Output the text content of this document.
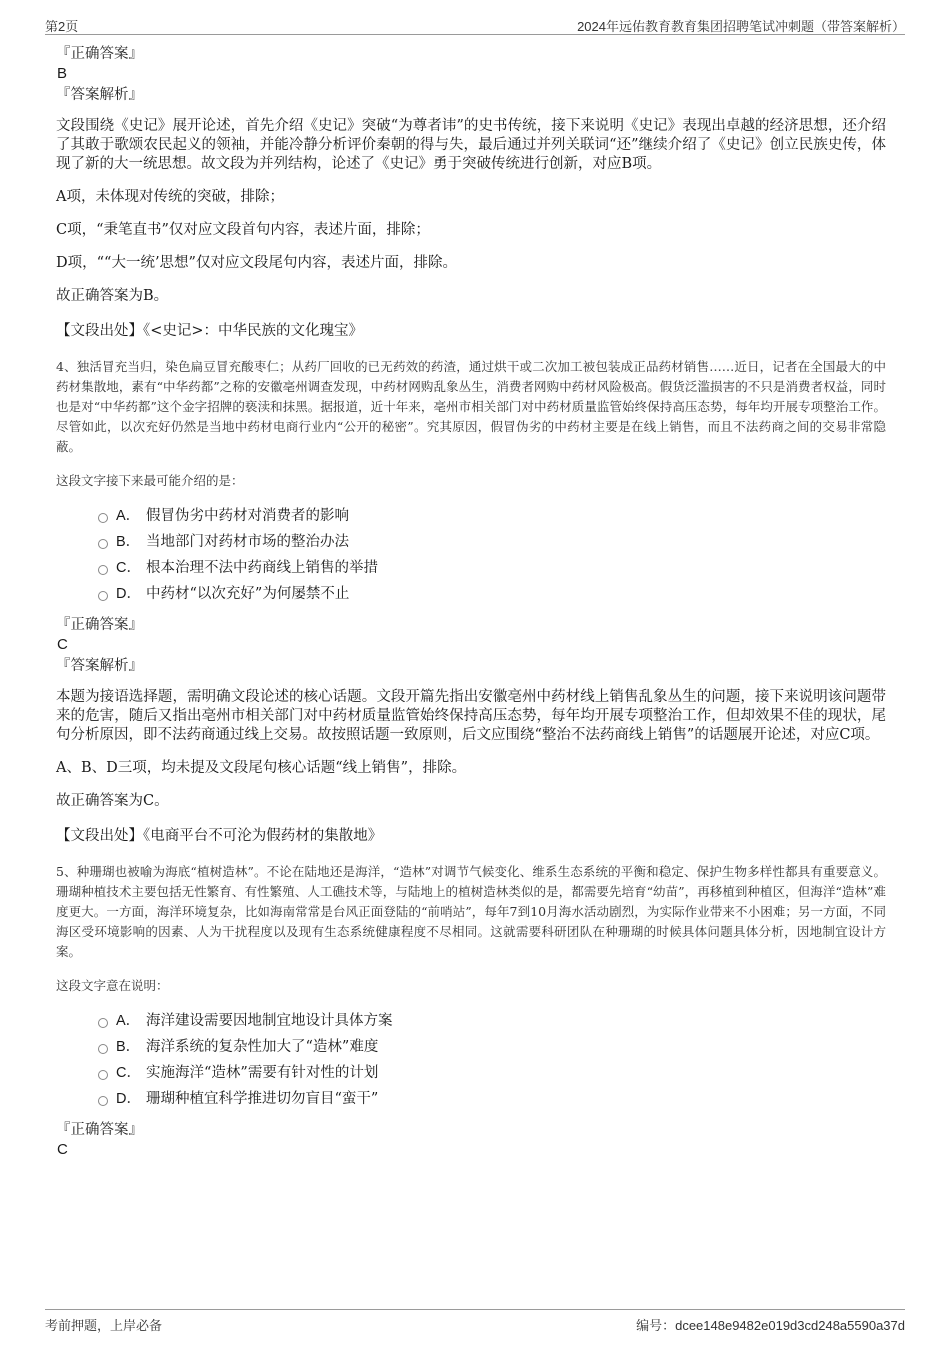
第2页	2024年远佑教育教育集团招聘笔试冲刺题（带答案解析）

『正确答案』

B

『答案解析』

文段围绕《史记》展开论述，首先介绍《史记》突破“为尊者讳”的史书传统，接下来说明《史记》表现出卓越的经济思想，还介绍了其敢于歌颂农民起义的领袖，并能冷静分析评价秦朝的得与失，最后通过并列关联词“还”继续介绍了《史记》创立民族史传，体现了新的大一统思想。故文段为并列结构，论述了《史记》勇于突破传统进行创新，对应B项。

A项，未体现对传统的突破，排除；

C项，“秉笔直书”仅对应文段首句内容，表述片面，排除；

D项，““大一统’思想”仅对应文段尾句内容，表述片面，排除。

故正确答案为B。

【文段出处】《<史记>：中华民族的文化瑰宝》

4、独活冒充当归，染色扁豆冒充酸枣仁；从药厂回收的已无药效的药渣，通过烘干或二次加工被包装成正品药材销售……近日，记者在全国最大的中药材集散地，素有“中华药都”之称的安徽亳州调查发现，中药材网购乱象丛生，消费者网购中药材风险极高。假货泛滥损害的不只是消费者权益，同时也是对“中华药都”这个金字招牌的亵渎和抹黑。据报道，近十年来，亳州市相关部门对中药材质量监管始终保持高压态势，每年均开展专项整治工作。尽管如此，以次充好仍然是当地中药材电商行业内“公开的秘密”。究其原因，假冒伪劣的中药材主要是在线上销售，而且不法药商之间的交易非常隐蔽。

这段文字接下来最可能介绍的是：

A． 假冒伪劣中药材对消费者的影响
B． 当地部门对药材市场的整治办法
C． 根本治理不法中药商线上销售的举措
D． 中药材“以次充好”为何屡禁不止

『正确答案』

C

『答案解析』

本题为接语选择题，需明确文段论述的核心话题。文段开篇先指出安徽亳州中药材线上销售乱象丛生的问题，接下来说明该问题带来的危害，随后又指出亳州市相关部门对中药材质量监管始终保持高压态势，每年均开展专项整治工作，但却效果不佳的现状，尾句分析原因，即不法药商通过线上交易。故按照话题一致原则，后文应围绕“整治不法药商线上销售”的话题展开论述，对应C项。

A、B、D三项，均未提及文段尾句核心话题“线上销售”，排除。

故正确答案为C。

【文段出处】《电商平台不可沦为假药材的集散地》

5、种珊瑚也被喻为海底“植树造林”。不论在陆地还是海洋，“造林”对调节气候变化、维系生态系统的平衡和稳定、保护生物多样性都具有重要意义。珊瑚种植技术主要包括无性繁育、有性繁殖、人工礁技术等，与陆地上的植树造林类似的是，都需要先培育“幼苗”，再移植到种植区，但海洋“造林”难度更大。一方面，海洋环境复杂，比如海南常常是台风正面登陆的“前哨站”，每年7到10月海水活动剧烈，为实际作业带来不小困难；另一方面，不同海区受环境影响的因素、人为干扰程度以及现有生态系统健康程度不尽相同。这就需要科研团队在种珊瑚的时候具体问题具体分析，因地制宜设计方案。

这段文字意在说明：

A． 海洋建设需要因地制宜地设计具体方案
B． 海洋系统的复杂性加大了“造林”难度
C． 实施海洋“造林”需要有针对性的计划
D． 珊瑚种植宜科学推进切勿盲目“蛮干”

『正确答案』

C

考前押题，上岸必备	编号：dcee148e9482e019d3cd248a5590a37d
